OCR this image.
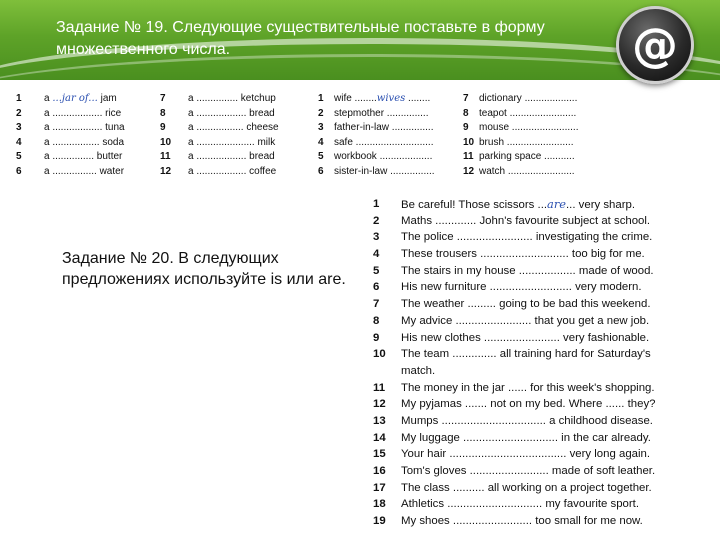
Задание № 19. Следующие существительные поставьте в форму множественного числа.	@
1 a ...jar of... jam
2 a .................. rice
3 a .................. tuna
4 a ................. soda
5 a ............... butter
6 a ................ water
7 a ............... ketchup
8 a .................. bread
9 a ................. cheese
10 a ..................... milk
11 a .................. bread
12 a .................. coffee
1 wife ........wives ........
2 stepmother ...............
3 father-in-law ...............
4 safe ............................
5 workbook ...................
6 sister-in-law ................
7 dictionary ...................
8 teapot ........................
9 mouse ........................
10 brush ........................
11 parking space ...........
12 watch ........................
Задание № 20. В следующих предложениях используйте is или are.
1	Be careful! Those scissors ...are... very sharp.
2	Maths ............. John's favourite subject at school.
3	The police ........................ investigating the crime.
4	These trousers ............................ too big for me.
5	The stairs in my house .................. made of wood.
6	His new furniture .......................... very modern.
7	The weather ......... going to be bad this weekend.
8	My advice ........................ that you get a new job.
9	His new clothes ........................ very fashionable.
10	The team .............. all training hard for Saturday's
match.
11	The money in the jar ...... for this week's shopping.
12	My pyjamas ....... not on my bed. Where ...... they?
13	Mumps ................................. a childhood disease.
14	My luggage .............................. in the car already.
15	Your hair ..................................... very long again.
16	Tom's gloves ......................... made of soft leather.
17	The class .......... all working on a project together.
18	Athletics .............................. my favourite sport.
19	My shoes ......................... too small for me now.
